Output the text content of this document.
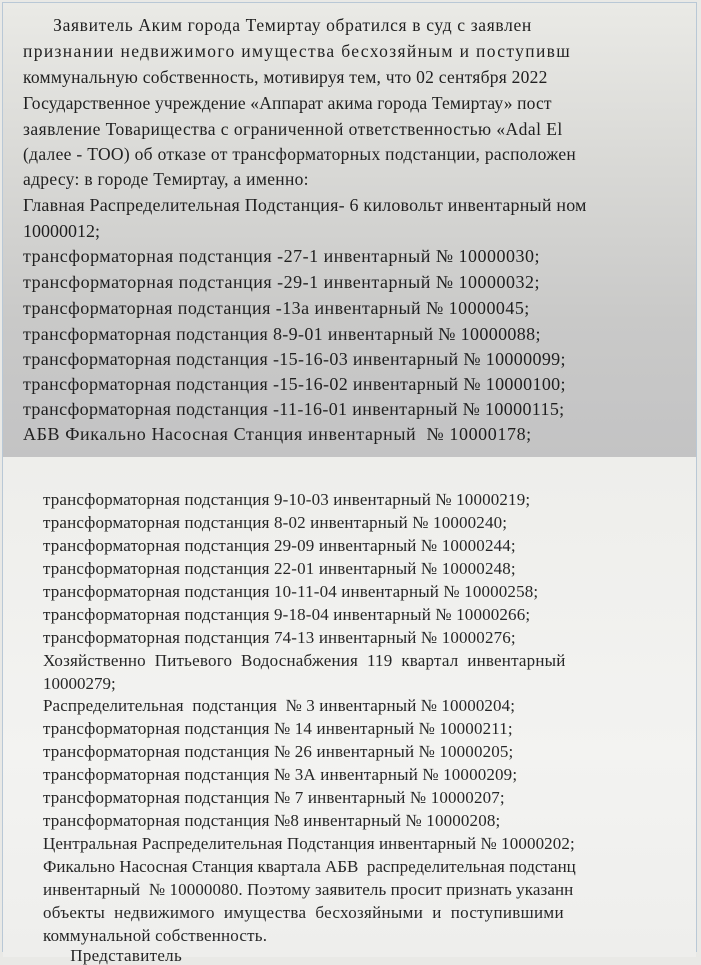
Заявитель Аким города Темиртау обратился в суд с заявлен
признании недвижимого имущества бесхозяйным и поступивш
коммунальную собственность, мотивируя тем, что 02 сентября 2022
Государственное учреждение «Аппарат акима города Темиртау» пост
заявление Товарищества с ограниченной ответственностью «Adal El
(далее - ТОО) об отказе от трансформаторных подстанции, расположен
адресу: в городе Темиртау, а именно:
Главная Распределительная Подстанция- 6 киловольт инвентарный ном
10000012;
трансформаторная подстанция -27-1 инвентарный № 10000030;
трансформаторная подстанция -29-1 инвентарный № 10000032;
трансформаторная подстанция -13а инвентарный № 10000045;
трансформаторная подстанция 8-9-01 инвентарный № 10000088;
трансформаторная подстанция -15-16-03 инвентарный № 10000099;
трансформаторная подстанция -15-16-02 инвентарный № 10000100;
трансформаторная подстанция -11-16-01 инвентарный № 10000115;
АБВ Фикально Насосная Станция инвентарный  № 10000178;
трансформаторная подстанция 9-10-03 инвентарный № 10000219;
трансформаторная подстанция 8-02 инвентарный № 10000240;
трансформаторная подстанция 29-09 инвентарный № 10000244;
трансформаторная подстанция 22-01 инвентарный № 10000248;
трансформаторная подстанция 10-11-04 инвентарный № 10000258;
трансформаторная подстанция 9-18-04 инвентарный № 10000266;
трансформаторная подстанция 74-13 инвентарный № 10000276;
Хозяйственно  Питьевого  Водоснабжения  119  квартал  инвентарный
10000279;
Распределительная  подстанция  № 3 инвентарный № 10000204;
трансформаторная подстанция № 14 инвентарный № 10000211;
трансформаторная подстанция № 26 инвентарный № 10000205;
трансформаторная подстанция № 3А инвентарный № 10000209;
трансформаторная подстанция № 7 инвентарный № 10000207;
трансформаторная подстанция №8 инвентарный № 10000208;
Центральная Распределительная Подстанция инвентарный № 10000202;
Фикально Насосная Станция квартала АБВ  распределительная подстанц
инвентарный  № 10000080. Поэтому заявитель просит признать указанн
объекты  недвижимого  имущества  бесхозяйными  и  поступившими
коммунальной собственность.
Представитель
